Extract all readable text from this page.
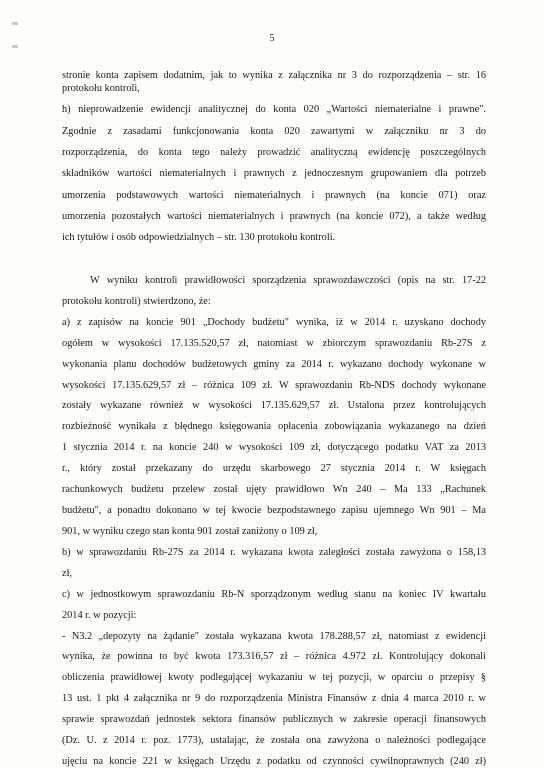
5
stronie konta zapisem dodatnim, jak to wynika z załącznika nr 3 do rozporządzenia – str. 16
protokołu kontroli,
h) nieprowadzenie ewidencji analitycznej do konta 020 „Wartości niematerialne i prawne".
Zgodnie z zasadami funkcjonowania konta 020 zawartymi w załączniku nr 3 do
rozporządzenia, do konta tego należy prowadzić analityczną ewidencję poszczególnych
składników wartości niematerialnych i prawnych z jednoczesnym grupowaniem dla potrzeb
umorzenia podstawowych wartości niematerialnych i prawnych (na koncie 071) oraz
umorzenia pozostałych wartości niematerialnych i prawnych (na koncie 072), a także według
ich tytułów i osób odpowiedzialnych – str. 130 protokołu kontroli.
W wyniku kontroli prawidłowości sporządzenia sprawozdawczości (opis na str. 17-22
protokołu kontroli) stwierdzono, że:
a) z zapisów na koncie 901 „Dochody budżetu" wynika, iż w 2014 r. uzyskano dochody
ogółem w wysokości 17.135.520,57 zł, natomiast w zbiorczym sprawozdaniu Rb-27S z
wykonania planu dochodów budżetowych gminy za 2014 r. wykazano dochody wykonane w
wysokości 17.135.629,57 zł – różnica 109 zł. W sprawozdaniu Rb-NDS dochody wykonane
zostały wykazane również w wysokości 17.135.629,57 zł. Ustalona przez kontrolujących
rozbieżność wynikała z błędnego księgowania opłacenia zobowiązania wykazanego na dzień
1 stycznia 2014 r. na koncie 240 w wysokości 109 zł, dotyczącego podatku VAT za 2013
r., który został przekazany do urzędu skarbowego 27 stycznia 2014 r. W księgach
rachunkowych budżetu przelew został ujęty prawidłowo Wn 240 – Ma 133 „Rachunek
budżetu", a ponadto dokonano w tej kwocie bezpodstawnego zapisu ujemnego Wn 901 – Ma
901, w wyniku czego stan konta 901 został zaniżony o 109 zł,
b) w sprawozdaniu Rb-27S za 2014 r. wykazana kwota zaległości została zawyżona o 158,13
zł,
c) w jednostkowym sprawozdaniu Rb-N sporządzonym według stanu na koniec IV kwartału
2014 r. w pozycji:
- N3.2 „depozyty na żądanie" została wykazana kwota 178.288,57 zł, natomiast z ewidencji
wynika, że powinna to być kwota 173.316,57 zł – różnica 4.972 zł. Kontrolujący dokonali
obliczenia prawidłowej kwoty podlegającej wykazaniu w tej pozycji, w oparciu o przepisy §
13 ust. 1 pkt 4 załącznika nr 9 do rozporządzenia Ministra Finansów z dnia 4 marca 2010 r. w
sprawie sprawozdań jednostek sektora finansów publicznych w zakresie operacji finansowych
(Dz. U. z 2014 r. poz. 1773), ustalając, że została ona zawyżona o należności podlegające
ujęciu na koncie 221 w księgach Urzędu z podatku od czynności cywilnoprawnych (240 zł)
